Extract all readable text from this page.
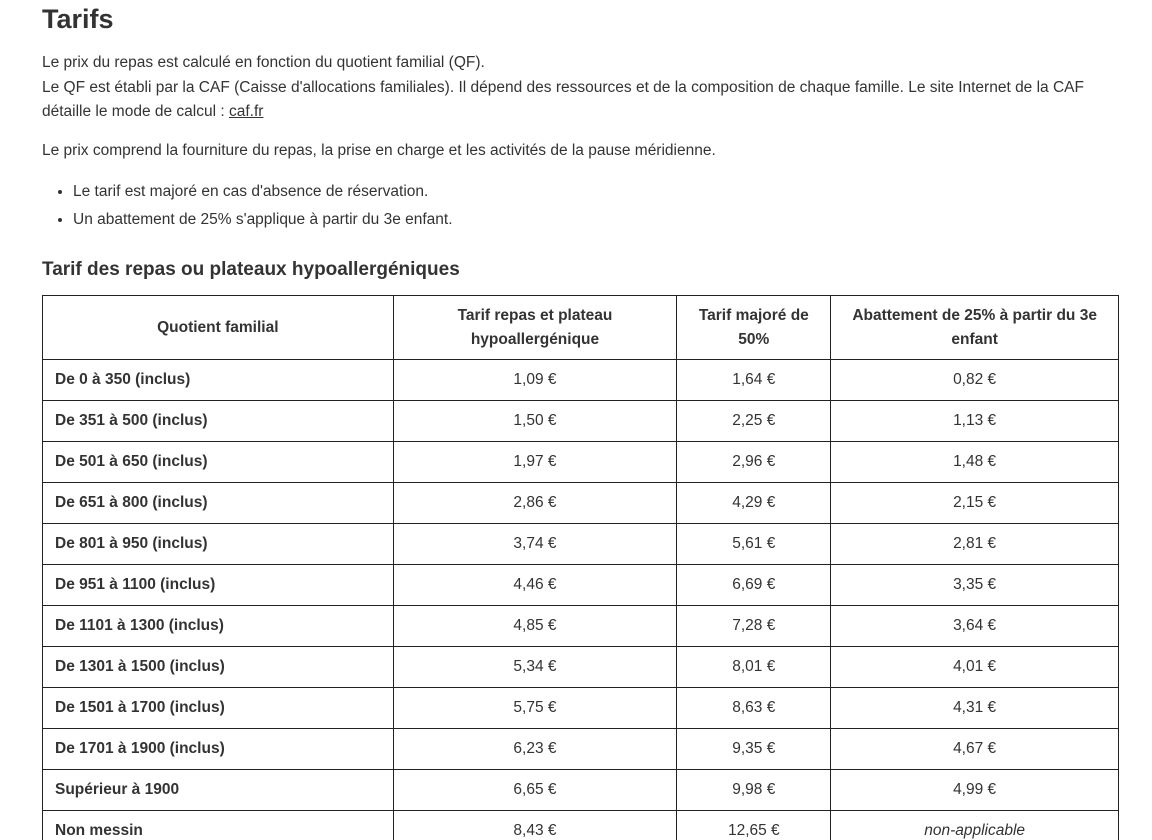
Tarifs

Le prix du repas est calculé en fonction du quotient familial (QF).

Le QF est établi par la CAF (Caisse d'allocations familiales). Il dépend des ressources et de la composition de chaque famille. Le site Internet de la CAF détaille le mode de calcul : caf.fr

Le prix comprend la fourniture du repas, la prise en charge et les activités de la pause méridienne.

• Le tarif est majoré en cas d'absence de réservation.
• Un abattement de 25% s'applique à partir du 3e enfant.
Tarif des repas ou plateaux hypoallergéniques
Quotient familial	Tarif repas et plateau hypoallergénique	Tarif majoré de 50%	Abattement de 25% à partir du 3e enfant
De 0 à 350 (inclus)	1,09 €	1,64 €	0,82 €
De 351 à 500 (inclus)	1,50 €	2,25 €	1,13 €
De 501 à 650 (inclus)	1,97 €	2,96 €	1,48 €
De 651 à 800 (inclus)	2,86 €	4,29 €	2,15 €
De 801 à 950 (inclus)	3,74 €	5,61 €	2,81 €
De 951 à 1100 (inclus)	4,46 €	6,69 €	3,35 €
De 1101 à 1300 (inclus)	4,85 €	7,28 €	3,64 €
De 1301 à 1500 (inclus)	5,34 €	8,01 €	4,01 €
De 1501 à 1700 (inclus)	5,75 €	8,63 €	4,31 €
De 1701 à 1900 (inclus)	6,23 €	9,35 €	4,67 €
Supérieur à 1900	6,65 €	9,98 €	4,99 €
Non messin	8,43 €	12,65 €	non-applicable
